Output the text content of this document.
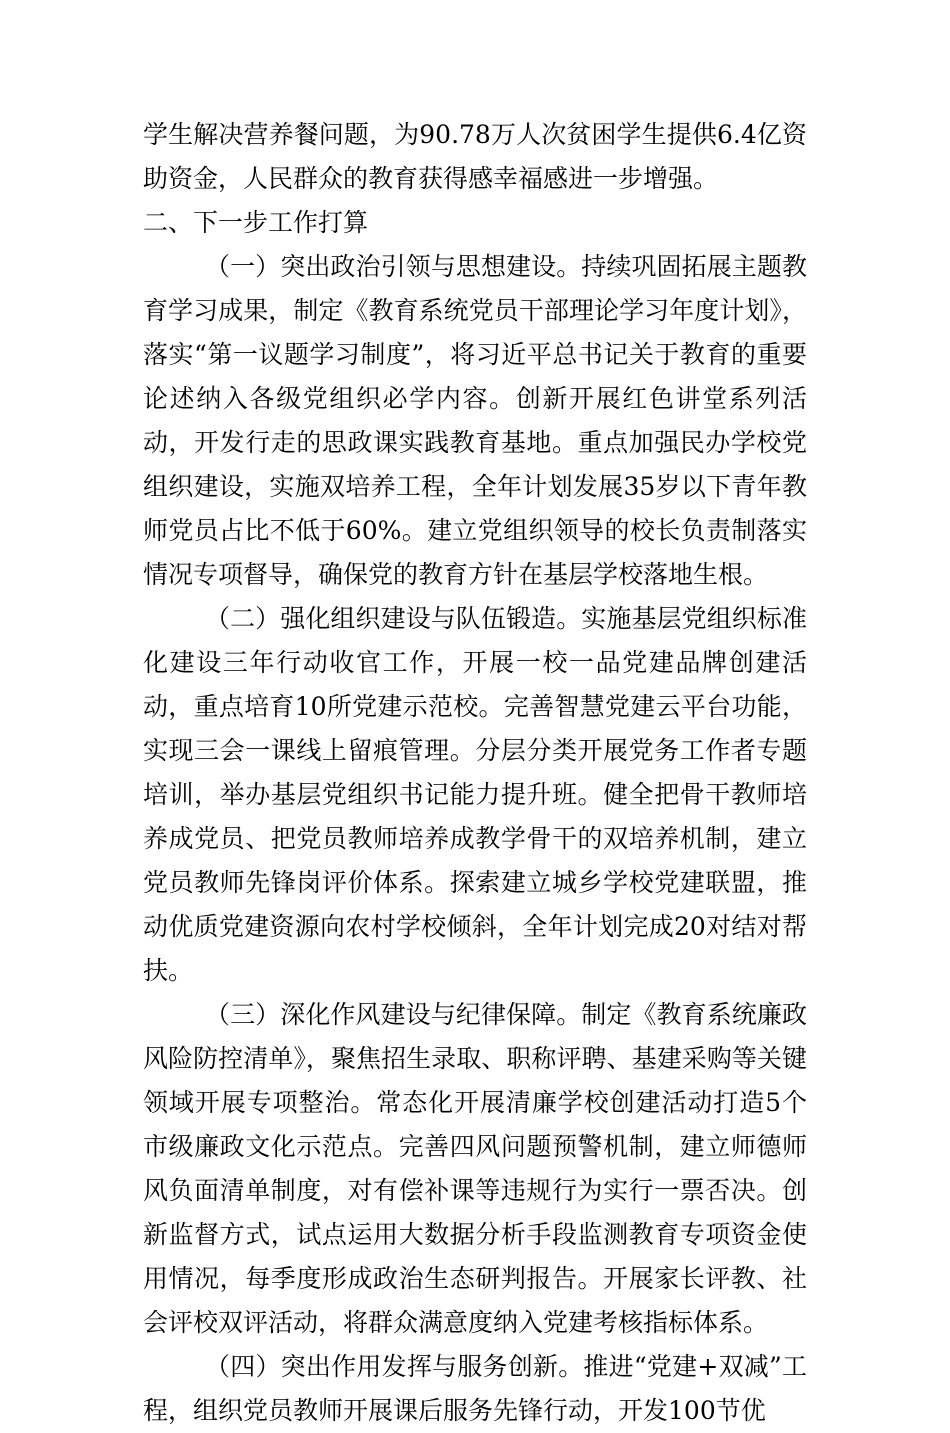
学生解决营养餐问题，为90.78万人次贫困学生提供6.4亿资助资金，人民群众的教育获得感幸福感进一步增强。

二、下一步工作打算

（一）突出政治引领与思想建设。持续巩固拓展主题教育学习成果，制定《教育系统党员干部理论学习年度计划》，落实“第一议题学习制度”，将习近平总书记关于教育的重要论述纳入各级党组织必学内容。创新开展红色讲堂系列活动，开发行走的思政课实践教育基地。重点加强民办学校党组织建设，实施双培养工程，全年计划发展35岁以下青年教师党员占比不低于60%。建立党组织领导的校长负责制落实情况专项督导，确保党的教育方针在基层学校落地生根。

（二）强化组织建设与队伍锻造。实施基层党组织标准化建设三年行动收官工作，开展一校一品党建品牌创建活动，重点培育10所党建示范校。完善智慧党建云平台功能，实现三会一课线上留痕管理。分层分类开展党务工作者专题培训，举办基层党组织书记能力提升班。健全把骨干教师培养成党员、把党员教师培养成教学骨干的双培养机制，建立党员教师先锋岗评价体系。探索建立城乡学校党建联盟，推动优质党建资源向农村学校倾斜，全年计划完成20对结对帮扶。

（三）深化作风建设与纪律保障。制定《教育系统廉政风险防控清单》，聚焦招生录取、职称评聘、基建采购等关键领域开展专项整治。常态化开展清廉学校创建活动打造5个市级廉政文化示范点。完善四风问题预警机制，建立师德师风负面清单制度，对有偿补课等违规行为实行一票否决。创新监督方式，试点运用大数据分析手段监测教育专项资金使用情况，每季度形成政治生态研判报告。开展家长评教、社会评校双评活动，将群众满意度纳入党建考核指标体系。

（四）突出作用发挥与服务创新。推进“党建+双减”工程，组织党员教师开展课后服务先锋行动，开发100节优
